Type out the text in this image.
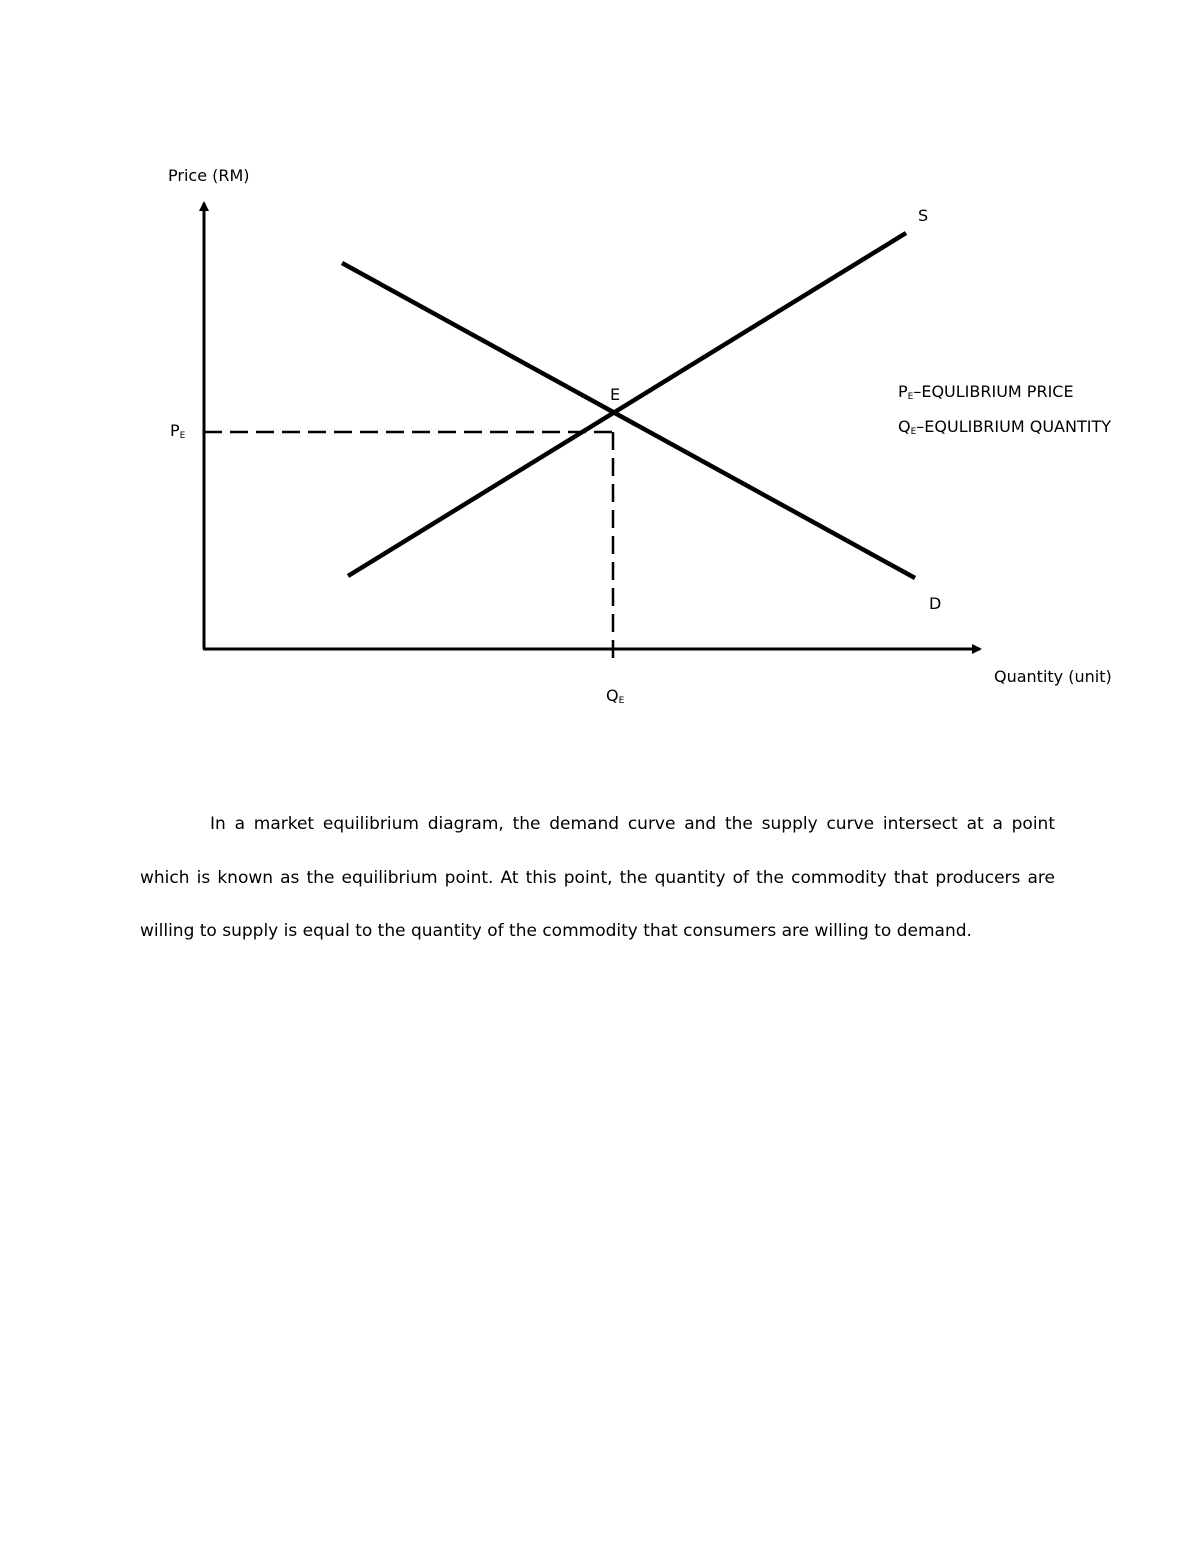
Price (RM)
Quantity (unit)
S
D
E
$P_E$
$Q_E$
$P_E$–EQULIBRIUM PRICE
$Q_E$–EQULIBRIUM QUANTITY

In a market equilibrium diagram, the demand curve and the supply curve intersect at a point which is known as the equilibrium point. At this point, the quantity of the commodity that producers are willing to supply is equal to the quantity of the commodity that consumers are willing to demand.
